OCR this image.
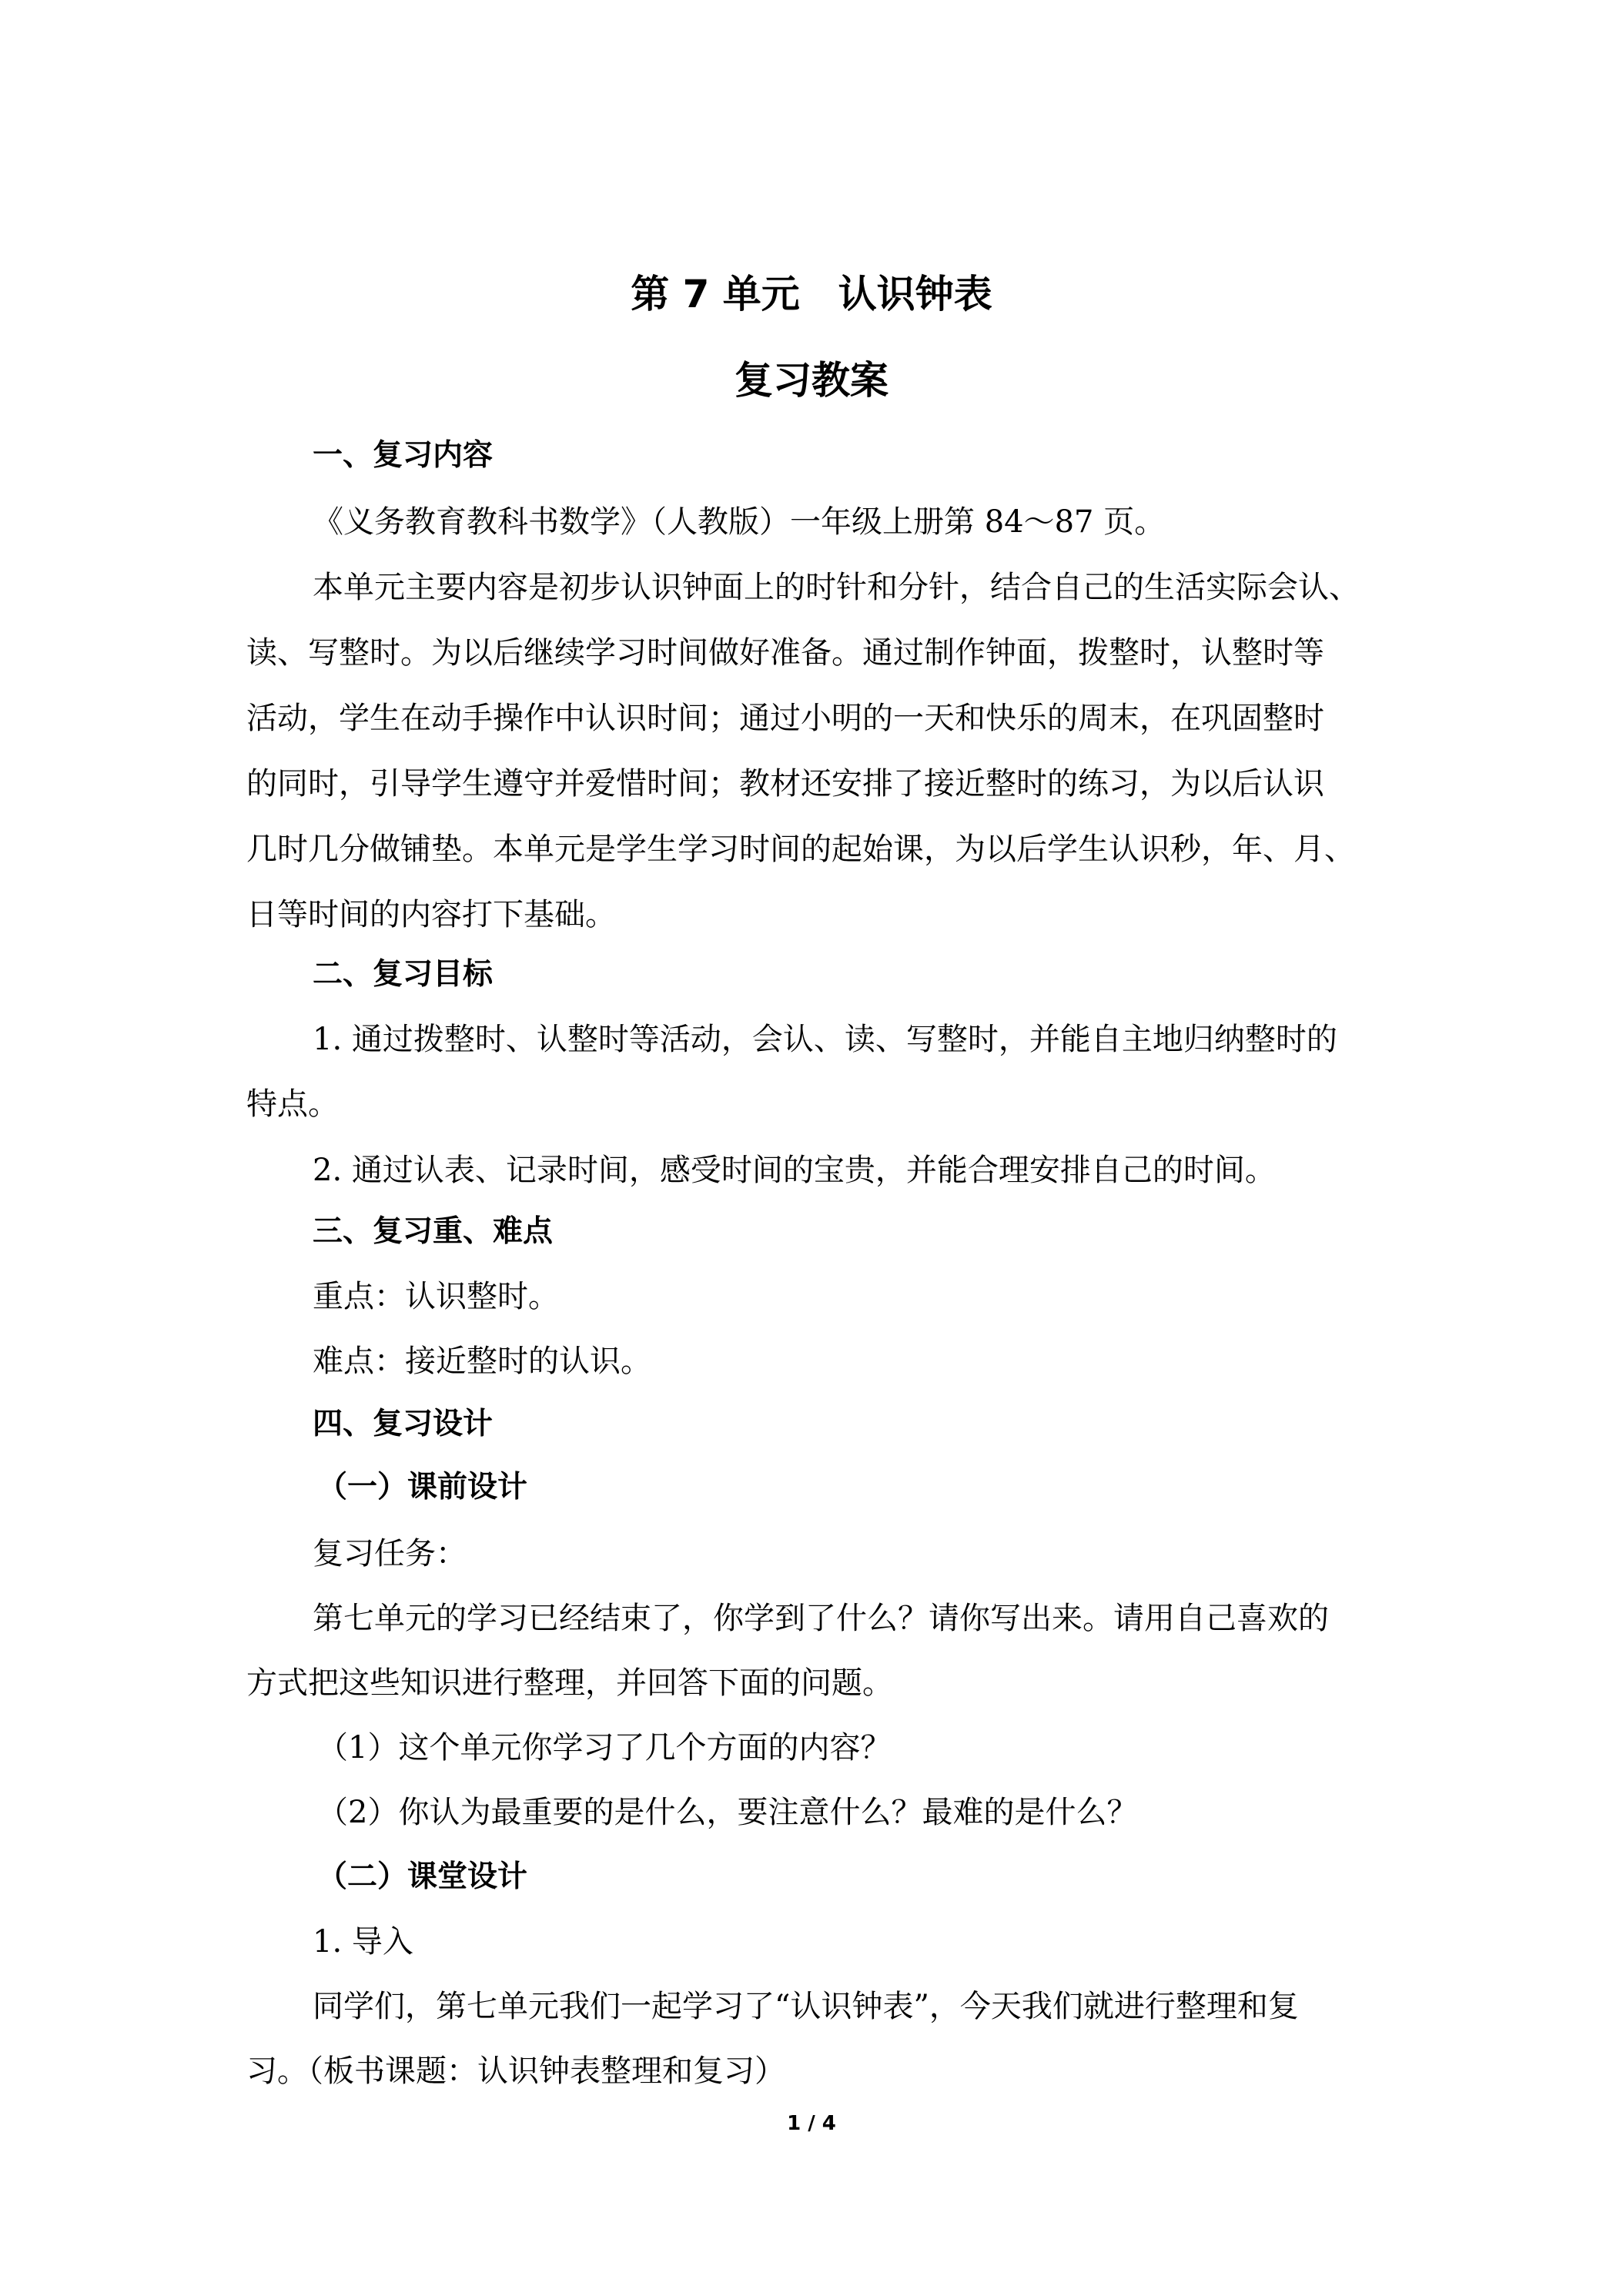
第 7 单元　认识钟表
复习教案
一、复习内容
《义务教育教科书数学》（人教版）一年级上册第 84～87 页。
本单元主要内容是初步认识钟面上的时针和分针，结合自己的生活实际会认、
读、写整时。为以后继续学习时间做好准备。通过制作钟面，拨整时，认整时等
活动，学生在动手操作中认识时间；通过小明的一天和快乐的周末，在巩固整时
的同时，引导学生遵守并爱惜时间；教材还安排了接近整时的练习，为以后认识
几时几分做铺垫。本单元是学生学习时间的起始课，为以后学生认识秒，年、月、
日等时间的内容打下基础。
二、复习目标
1. 通过拨整时、认整时等活动，会认、读、写整时，并能自主地归纳整时的
特点。
2. 通过认表、记录时间，感受时间的宝贵，并能合理安排自己的时间。
三、复习重、难点
重点：认识整时。
难点：接近整时的认识。
四、复习设计
（一）课前设计
复习任务：
第七单元的学习已经结束了，你学到了什么？请你写出来。请用自己喜欢的
方式把这些知识进行整理，并回答下面的问题。
（1）这个单元你学习了几个方面的内容？
（2）你认为最重要的是什么，要注意什么？最难的是什么？
（二）课堂设计
1. 导入
同学们，第七单元我们一起学习了“认识钟表”，今天我们就进行整理和复
习。（板书课题：认识钟表整理和复习）
1 / 4
